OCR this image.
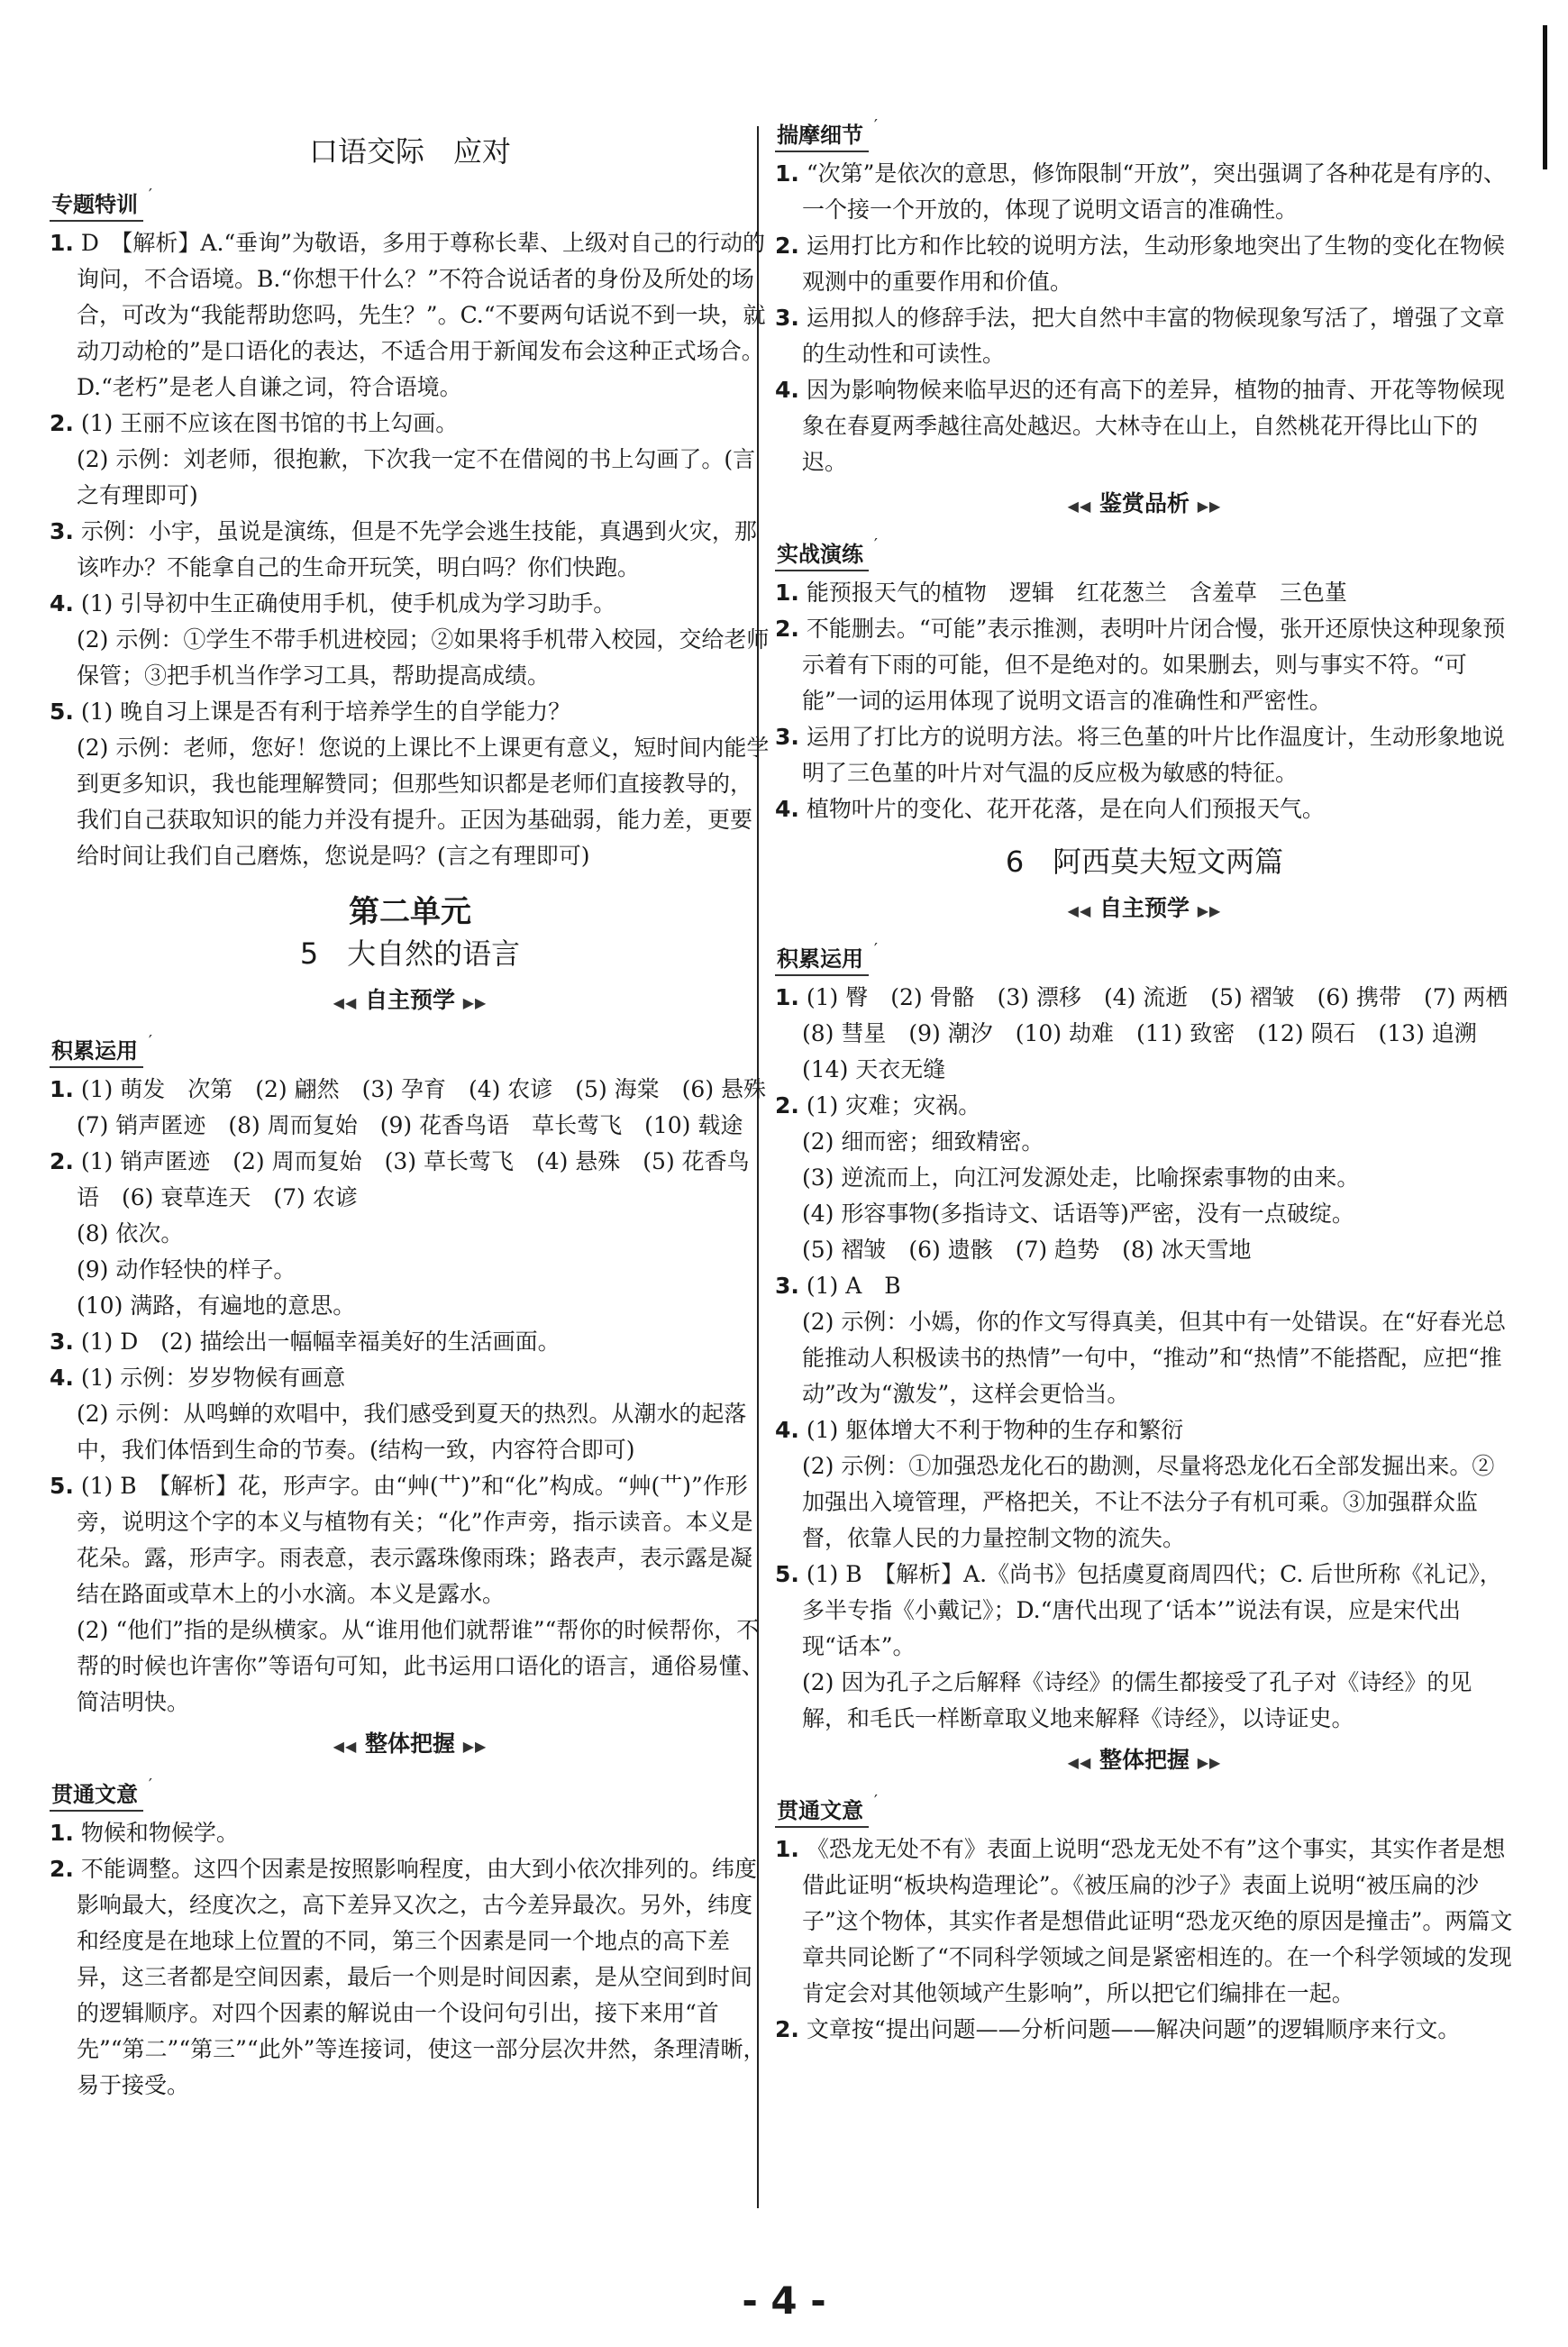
口语交际　应对
专题特训 ′

1. D　【解析】A.“垂询”为敬语，多用于尊称长辈、上级对自己的行动的询问，不合语境。B.“你想干什么？”不符合说话者的身份及所处的场合，可改为“我能帮助您吗，先生？”。C.“不要两句话说不到一块，就动刀动枪的”是口语化的表达，不适合用于新闻发布会这种正式场合。D.“老朽”是老人自谦之词，符合语境。

2. (1) 王丽不应该在图书馆的书上勾画。

(2) 示例：刘老师，很抱歉，下次我一定不在借阅的书上勾画了。(言之有理即可)

3. 示例：小宇，虽说是演练，但是不先学会逃生技能，真遇到火灾，那该咋办？不能拿自己的生命开玩笑，明白吗？你们快跑。

4. (1) 引导初中生正确使用手机，使手机成为学习助手。

(2) 示例：①学生不带手机进校园；②如果将手机带入校园，交给老师保管；③把手机当作学习工具，帮助提高成绩。

5. (1) 晚自习上课是否有利于培养学生的自学能力？

(2) 示例：老师，您好！您说的上课比不上课更有意义，短时间内能学到更多知识，我也能理解赞同；但那些知识都是老师们直接教导的，我们自己获取知识的能力并没有提升。正因为基础弱，能力差，更要给时间让我们自己磨炼，您说是吗？(言之有理即可)

第二单元
5　大自然的语言
◀◀ 自主预学 ▶▶
积累运用 ′

1. (1) 萌发　次第　(2) 翩然　(3) 孕育　(4) 农谚　(5) 海棠　(6) 悬殊　(7) 销声匿迹　(8) 周而复始　(9) 花香鸟语　草长莺飞　(10) 载途

2. (1) 销声匿迹　(2) 周而复始　(3) 草长莺飞　(4) 悬殊　(5) 花香鸟语　(6) 衰草连天　(7) 农谚

(8) 依次。

(9) 动作轻快的样子。

(10) 满路，有遍地的意思。

3. (1) D　(2) 描绘出一幅幅幸福美好的生活画面。

4. (1) 示例：岁岁物候有画意

(2) 示例：从鸣蝉的欢唱中，我们感受到夏天的热烈。从潮水的起落中，我们体悟到生命的节奏。(结构一致，内容符合即可)

5. (1) B　【解析】花，形声字。由“艸(艹)”和“化”构成。“艸(艹)”作形旁，说明这个字的本义与植物有关；“化”作声旁，指示读音。本义是花朵。露，形声字。雨表意，表示露珠像雨珠；路表声，表示露是凝结在路面或草木上的小水滴。本义是露水。

(2) “他们”指的是纵横家。从“谁用他们就帮谁”“帮你的时候帮你，不帮的时候也许害你”等语句可知，此书运用口语化的语言，通俗易懂、简洁明快。

◀◀ 整体把握 ▶▶
贯通文意 ′

1. 物候和物候学。

2. 不能调整。这四个因素是按照影响程度，由大到小依次排列的。纬度影响最大，经度次之，高下差异又次之，古今差异最次。另外，纬度和经度是在地球上位置的不同，第三个因素是同一个地点的高下差异，这三者都是空间因素，最后一个则是时间因素，是从空间到时间的逻辑顺序。对四个因素的解说由一个设问句引出，接下来用“首先”“第二”“第三”“此外”等连接词，使这一部分层次井然，条理清晰，易于接受。

揣摩细节 ′

1. “次第”是依次的意思，修饰限制“开放”，突出强调了各种花是有序的、一个接一个开放的，体现了说明文语言的准确性。

2. 运用打比方和作比较的说明方法，生动形象地突出了生物的变化在物候观测中的重要作用和价值。

3. 运用拟人的修辞手法，把大自然中丰富的物候现象写活了，增强了文章的生动性和可读性。

4. 因为影响物候来临早迟的还有高下的差异，植物的抽青、开花等物候现象在春夏两季越往高处越迟。大林寺在山上，自然桃花开得比山下的迟。

◀◀ 鉴赏品析 ▶▶
实战演练 ′

1. 能预报天气的植物　逻辑　红花葱兰　含羞草　三色堇

2. 不能删去。“可能”表示推测，表明叶片闭合慢，张开还原快这种现象预示着有下雨的可能，但不是绝对的。如果删去，则与事实不符。“可能”一词的运用体现了说明文语言的准确性和严密性。

3. 运用了打比方的说明方法。将三色堇的叶片比作温度计，生动形象地说明了三色堇的叶片对气温的反应极为敏感的特征。

4. 植物叶片的变化、花开花落，是在向人们预报天气。

6　阿西莫夫短文两篇
◀◀ 自主预学 ▶▶
积累运用 ′

1. (1) 臀　(2) 骨骼　(3) 漂移　(4) 流逝　(5) 褶皱　(6) 携带　(7) 两栖　(8) 彗星　(9) 潮汐　(10) 劫难　(11) 致密　(12) 陨石　(13) 追溯　(14) 天衣无缝

2. (1) 灾难；灾祸。

(2) 细而密；细致精密。

(3) 逆流而上，向江河发源处走，比喻探索事物的由来。

(4) 形容事物(多指诗文、话语等)严密，没有一点破绽。

(5) 褶皱　(6) 遗骸　(7) 趋势　(8) 冰天雪地

3. (1) A　B

(2) 示例：小嫣，你的作文写得真美，但其中有一处错误。在“好春光总能推动人积极读书的热情”一句中，“推动”和“热情”不能搭配，应把“推动”改为“激发”，这样会更恰当。

4. (1) 躯体增大不利于物种的生存和繁衍

(2) 示例：①加强恐龙化石的勘测，尽量将恐龙化石全部发掘出来。②加强出入境管理，严格把关，不让不法分子有机可乘。③加强群众监督，依靠人民的力量控制文物的流失。

5. (1) B　【解析】A.《尚书》包括虞夏商周四代；C. 后世所称《礼记》，多半专指《小戴记》；D.“唐代出现了‘话本’”说法有误，应是宋代出现“话本”。

(2) 因为孔子之后解释《诗经》的儒生都接受了孔子对《诗经》的见解，和毛氏一样断章取义地来解释《诗经》，以诗证史。

◀◀ 整体把握 ▶▶
贯通文意 ′

1. 《恐龙无处不有》表面上说明“恐龙无处不有”这个事实，其实作者是想借此证明“板块构造理论”。《被压扁的沙子》表面上说明“被压扁的沙子”这个物体，其实作者是想借此证明“恐龙灭绝的原因是撞击”。两篇文章共同论断了“不同科学领域之间是紧密相连的。在一个科学领域的发现肯定会对其他领域产生影响”，所以把它们编排在一起。

2. 文章按“提出问题——分析问题——解决问题”的逻辑顺序来行文。

- 4 -
